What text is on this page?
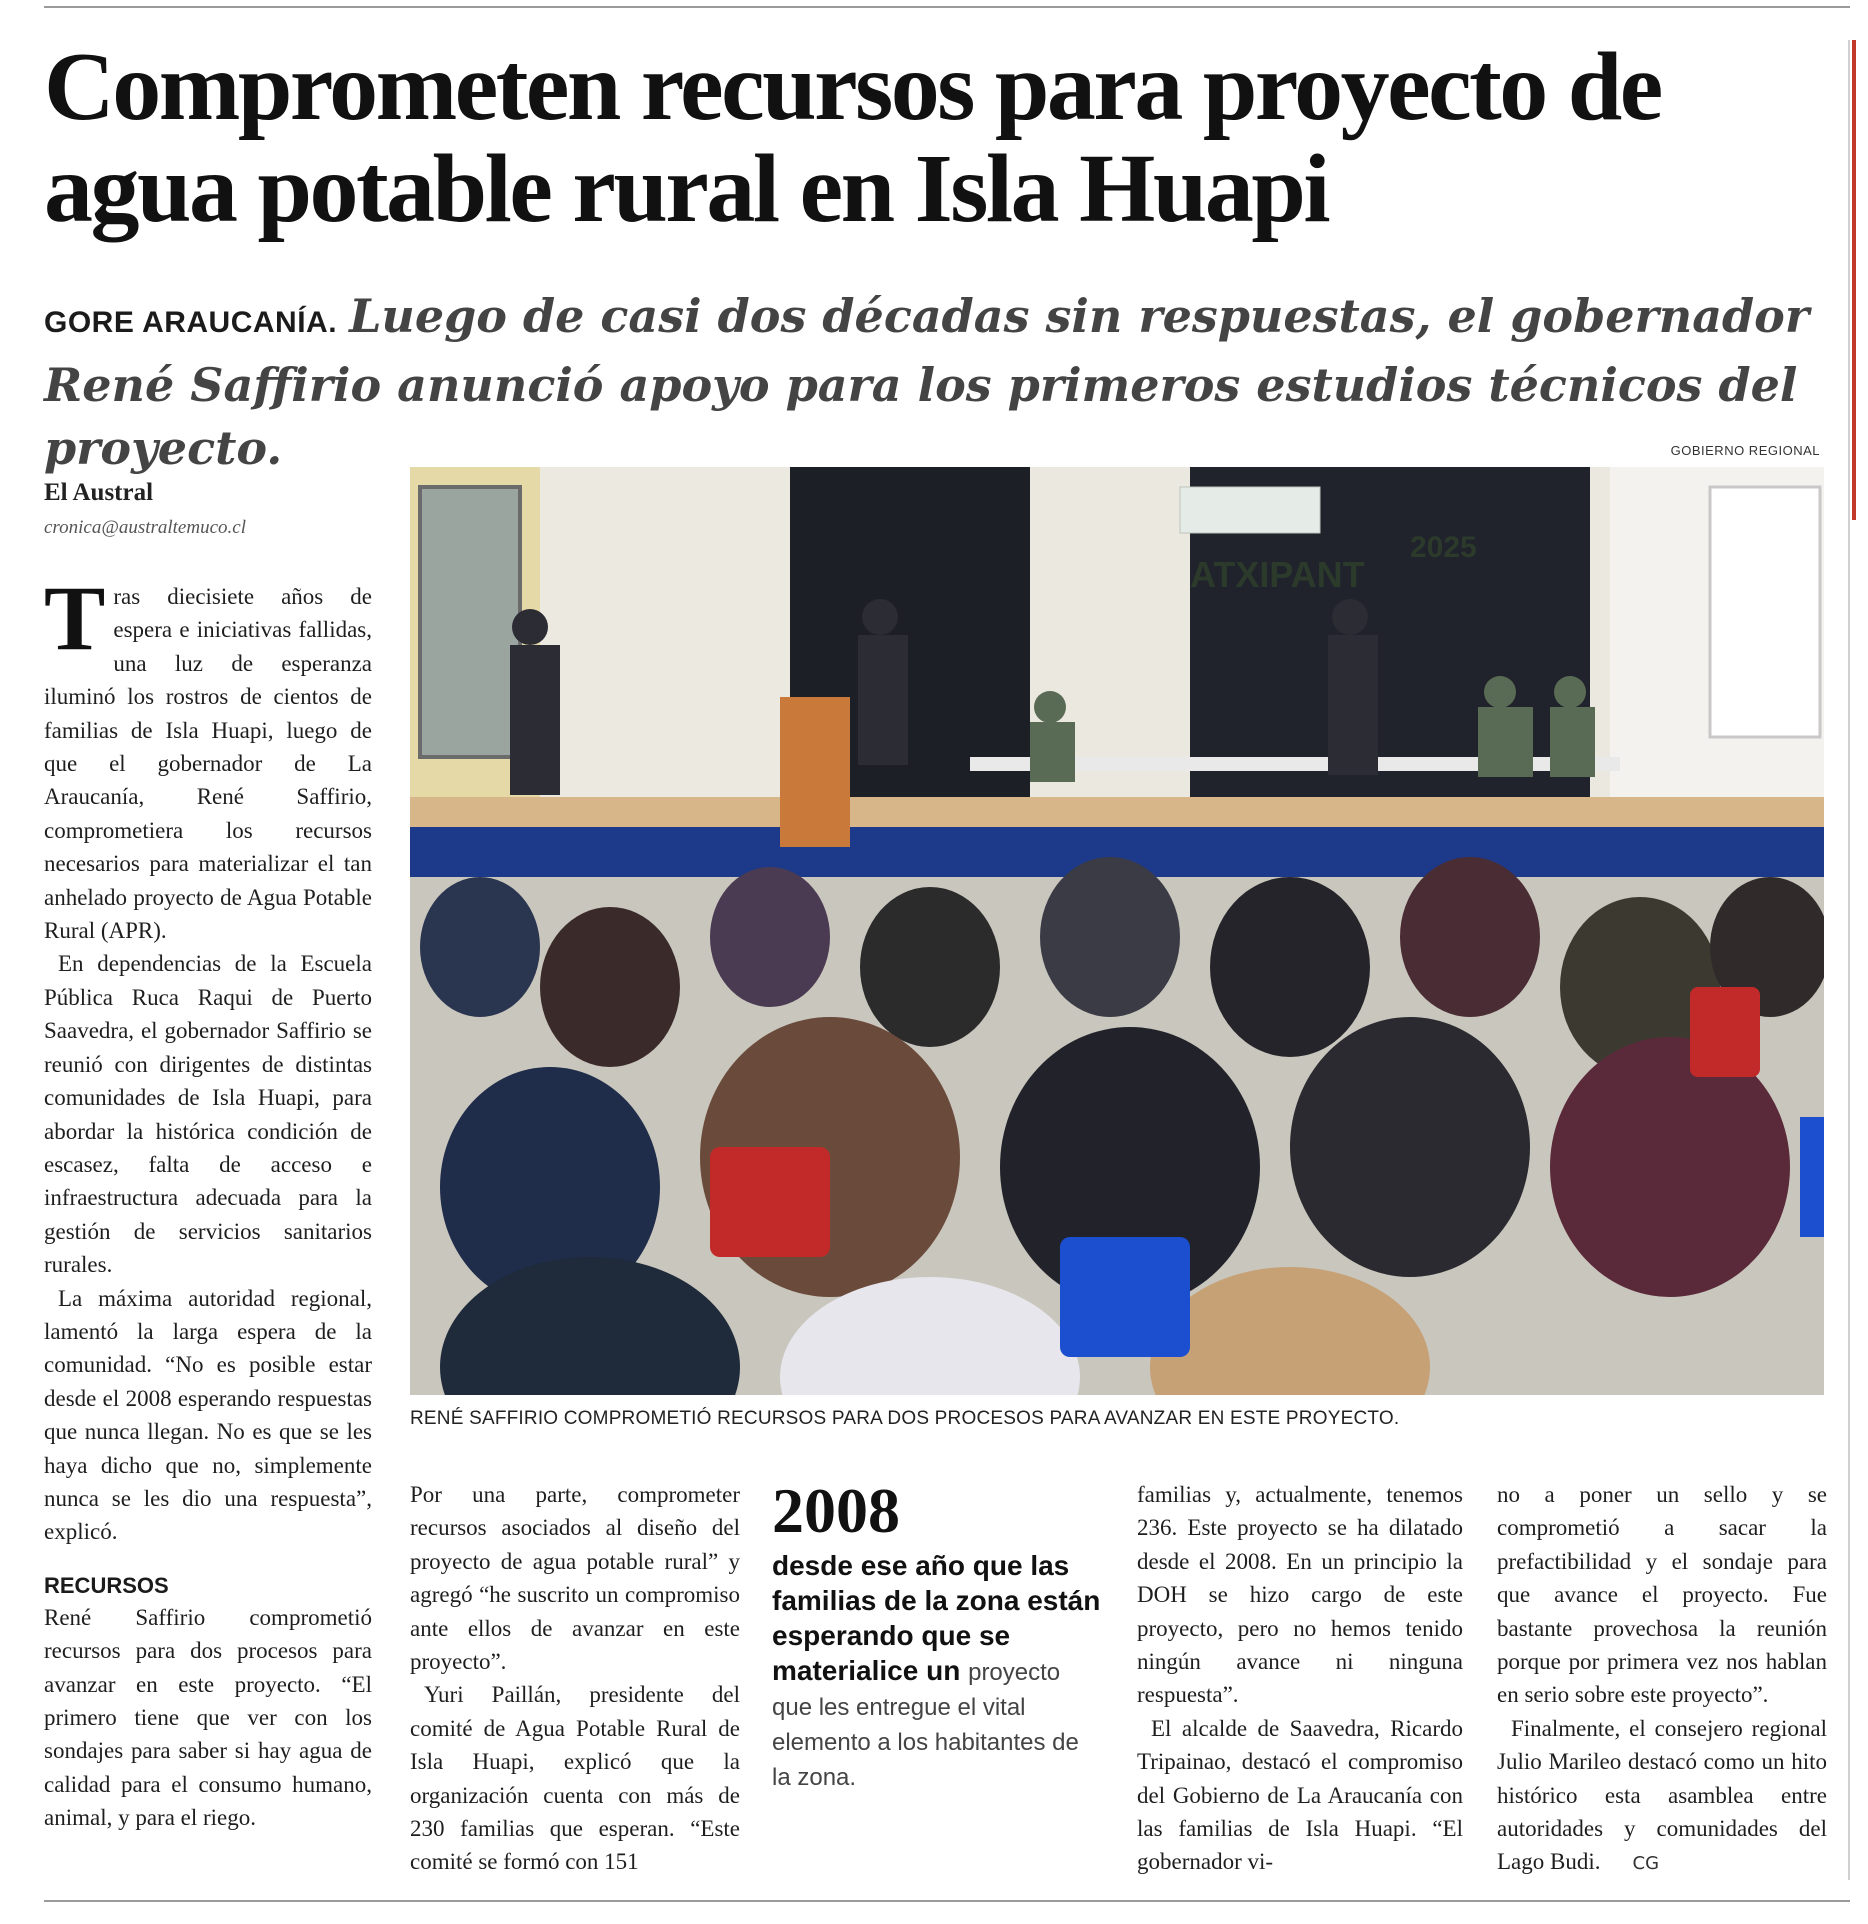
Comprometen recursos para proyecto de agua potable rural en Isla Huapi
GORE ARAUCANÍA. Luego de casi dos décadas sin respuestas, el gobernador René Saffirio anunció apoyo para los primeros estudios técnicos del proyecto.	GOBIERNO REGIONAL
El Austral
cronica@australtemuco.cl

Tras diecisiete años de espera e iniciativas fallidas, una luz de esperanza iluminó los rostros de cientos de familias de Isla Huapi, luego de que el gobernador de La Araucanía, René Saffirio, comprometiera los recursos necesarios para materializar el tan anhelado proyecto de Agua Potable Rural (APR).

En dependencias de la Escuela Pública Ruca Raqui de Puerto Saavedra, el gobernador Saffirio se reunió con dirigentes de distintas comunidades de Isla Huapi, para abordar la histórica condición de escasez, falta de acceso e infraestructura adecuada para la gestión de servicios sanitarios rurales.

La máxima autoridad regional, lamentó la larga espera de la comunidad. “No es posible estar desde el 2008 esperando respuestas que nunca llegan. No es que se les haya dicho que no, simplemente nunca se les dio una respuesta”, explicó.

RECURSOS

René Saffirio comprometió recursos para dos procesos para avanzar en este proyecto. “El primero tiene que ver con los sondajes para saber si hay agua de calidad para el consumo humano, animal, y para el riego.

ATXIPANT
2025
RENÉ SAFFIRIO COMPROMETIÓ RECURSOS PARA DOS PROCESOS PARA AVANZAR EN ESTE PROYECTO.

Por una parte, comprometer recursos asociados al diseño del proyecto de agua potable rural” y agregó “he suscrito un compromiso ante ellos de avanzar en este proyecto”.

Yuri Paillán, presidente del comité de Agua Potable Rural de Isla Huapi, explicó que la organización cuenta con más de 230 familias que esperan. “Este comité se formó con 151

2008
desde ese año que las familias de la zona están esperando que se materialice un proyecto que les entregue el vital elemento a los habitantes de la zona.

familias y, actualmente, tenemos 236. Este proyecto se ha dilatado desde el 2008. En un principio la DOH se hizo cargo de este proyecto, pero no hemos tenido ningún avance ni ninguna respuesta”.

El alcalde de Saavedra, Ricardo Tripainao, destacó el compromiso del Gobierno de La Araucanía con las familias de Isla Huapi. “El gobernador vi-

no a poner un sello y se comprometió a sacar la prefactibilidad y el sondaje para que avance el proyecto. Fue bastante provechosa la reunión porque por primera vez nos hablan en serio sobre este proyecto”.

Finalmente, el consejero regional Julio Marileo destacó como un hito histórico esta asamblea entre autoridades y comunidades del Lago Budi. CG
